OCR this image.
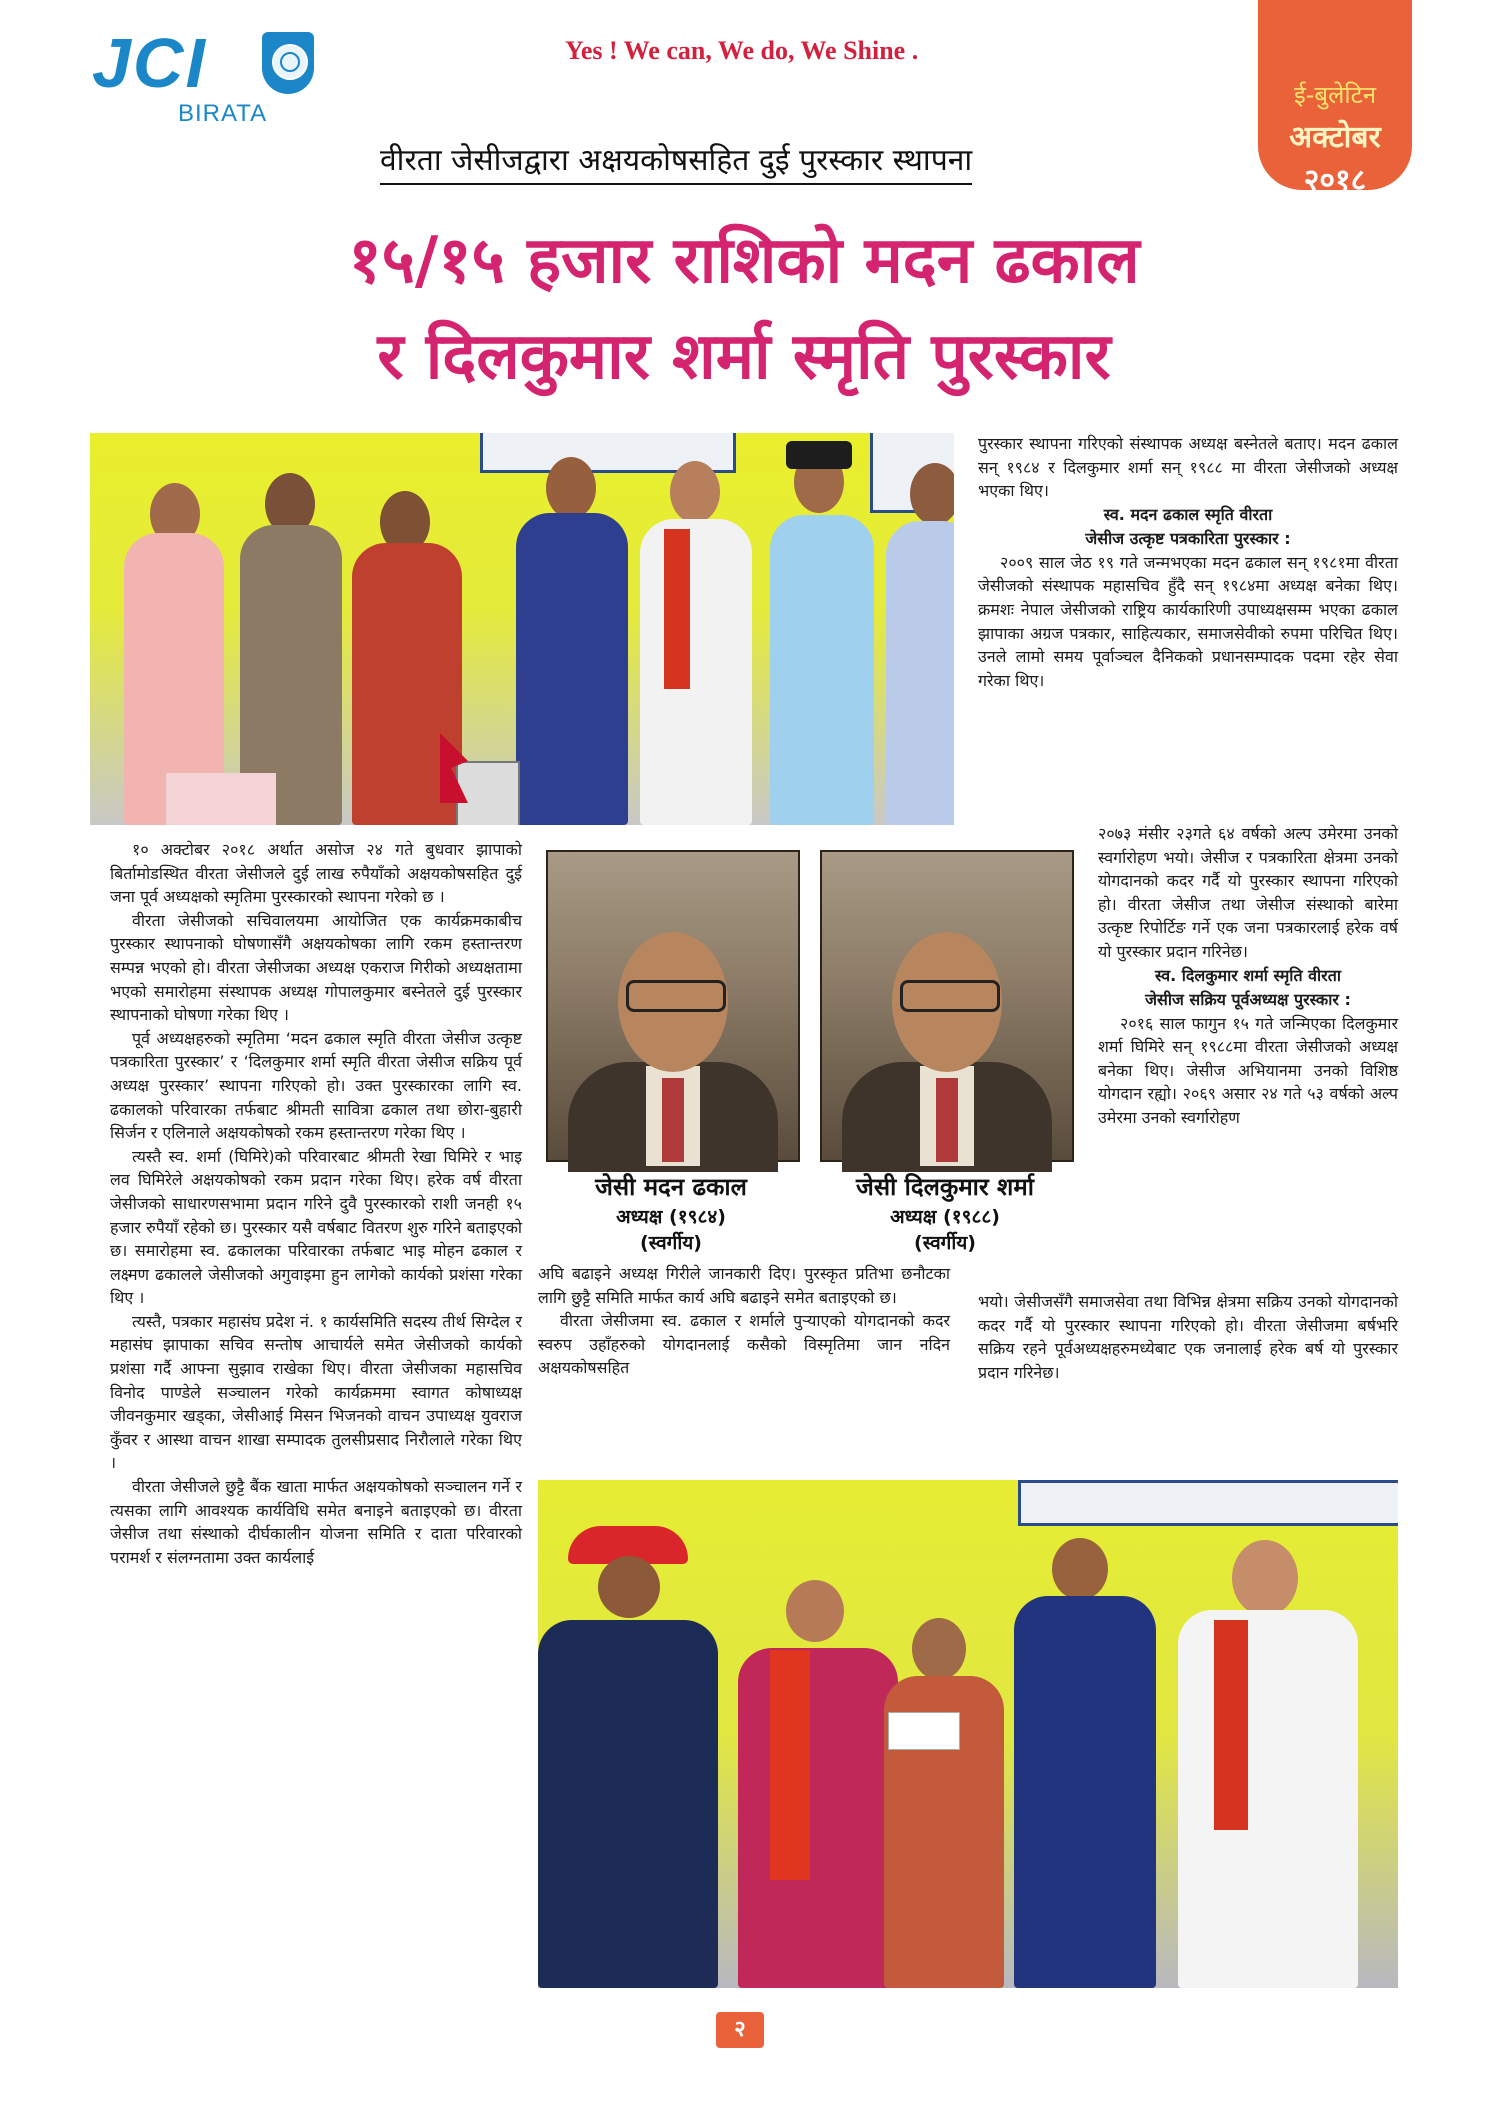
JCI
BIRATA
Yes ! We can, We do, We Shine .
ई-बुलेटिन
अक्टोबर
२०१८
वीरता जेसीजद्वारा अक्षयकोषसहित दुई पुरस्कार स्थापना
१५/१५ हजार राशिको मदन ढकाल
र दिलकुमार शर्मा स्मृति पुरस्कार
जेसी मदन ढकाल
अध्यक्ष (१९८४)
(स्वर्गीय)
जेसी दिलकुमार शर्मा
अध्यक्ष (१९८८)
(स्वर्गीय)

१० अक्टोबर २०१८ अर्थात असोज २४ गते बुधवार झापाको बिर्तामोडस्थित वीरता जेसीजले दुई लाख रुपैयाँको अक्षयकोषसहित दुई जना पूर्व अध्यक्षको स्मृतिमा पुरस्कारको स्थापना गरेको छ ।

वीरता जेसीजको सचिवालयमा आयोजित एक कार्यक्रमकाबीच पुरस्कार स्थापनाको घोषणासँगै अक्षयकोषका लागि रकम हस्तान्तरण सम्पन्न भएको हो। वीरता जेसीजका अध्यक्ष एकराज गिरीको अध्यक्षतामा भएको समारोहमा संस्थापक अध्यक्ष गोपालकुमार बस्नेतले दुई पुरस्कार स्थापनाको घोषणा गरेका थिए ।

पूर्व अध्यक्षहरुको स्मृतिमा ‘मदन ढकाल स्मृति वीरता जेसीज उत्कृष्ट पत्रकारिता पुरस्कार’ र ‘दिलकुमार शर्मा स्मृति वीरता जेसीज सक्रिय पूर्व अध्यक्ष पुरस्कार’ स्थापना गरिएको हो। उक्त पुरस्कारका लागि स्व. ढकालको परिवारका तर्फबाट श्रीमती सावित्रा ढकाल तथा छोरा-बुहारी सिर्जन र एलिनाले अक्षयकोषको रकम हस्तान्तरण गरेका थिए ।

त्यस्तै स्व. शर्मा (घिमिरे)को परिवारबाट श्रीमती रेखा घिमिरे र भाइ लव घिमिरेले अक्षयकोषको रकम प्रदान गरेका थिए। हरेक वर्ष वीरता जेसीजको साधारणसभामा प्रदान गरिने दुवै पुरस्कारको राशी जनही १५ हजार रुपैयाँ रहेको छ। पुरस्कार यसै वर्षबाट वितरण शुरु गरिने बताइएको छ। समारोहमा स्व. ढकालका परिवारका तर्फबाट भाइ मोहन ढकाल र लक्ष्मण ढकालले जेसीजको अगुवाइमा हुन लागेको कार्यको प्रशंसा गरेका थिए ।

त्यस्तै, पत्रकार महासंघ प्रदेश नं. १ कार्यसमिति सदस्य तीर्थ सिग्देल र महासंघ झापाका सचिव सन्तोष आचार्यले समेत जेसीजको कार्यको प्रशंसा गर्दै आफ्ना सुझाव राखेका थिए। वीरता जेसीजका महासचिव विनोद पाण्डेले सञ्चालन गरेको कार्यक्रममा स्वागत कोषाध्यक्ष जीवनकुमार खड्का, जेसीआई मिसन भिजनको वाचन उपाध्यक्ष युवराज कुँवर र आस्था वाचन शाखा सम्पादक तुलसीप्रसाद निरौलाले गरेका थिए ।

वीरता जेसीजले छुट्टै बैंक खाता मार्फत अक्षयकोषको सञ्चालन गर्ने र त्यसका लागि आवश्यक कार्यविधि समेत बनाइने बताइएको छ। वीरता जेसीज तथा संस्थाको दीर्घकालीन योजना समिति र दाता परिवारको परामर्श र संलग्नतामा उक्त कार्यलाई

अघि बढाइने अध्यक्ष गिरीले जानकारी दिए। पुरस्कृत प्रतिभा छनौटका लागि छुट्टै समिति मार्फत कार्य अघि बढाइने समेत बताइएको छ।

वीरता जेसीजमा स्व. ढकाल र शर्माले पुऱ्याएको योगदानको कदर स्वरुप उहाँहरुको योगदानलाई कसैको विस्मृतिमा जान नदिन अक्षयकोषसहित

पुरस्कार स्थापना गरिएको संस्थापक अध्यक्ष बस्नेतले बताए। मदन ढकाल सन् १९८४ र दिलकुमार शर्मा सन् १९८८ मा वीरता जेसीजको अध्यक्ष भएका थिए।

स्व. मदन ढकाल स्मृति वीरता
जेसीज उत्कृष्ट पत्रकारिता पुरस्कार :

२००९ साल जेठ १९ गते जन्मभएका मदन ढकाल सन् १९८१मा वीरता जेसीजको संस्थापक महासचिव हुँदै सन् १९८४मा अध्यक्ष बनेका थिए। क्रमशः नेपाल जेसीजको राष्ट्रिय कार्यकारिणी उपाध्यक्षसम्म भएका ढकाल झापाका अग्रज पत्रकार, साहित्यकार, समाजसेवीको रुपमा परिचित थिए। उनले लामो समय पूर्वाञ्चल दैनिकको प्रधानसम्पादक पदमा रहेर सेवा गरेका थिए।

२०७३ मंसीर २३गते ६४ वर्षको अल्प उमेरमा उनको स्वर्गारोहण भयो। जेसीज र पत्रकारिता क्षेत्रमा उनको योगदानको कदर गर्दै यो पुरस्कार स्थापना गरिएको हो। वीरता जेसीज तथा जेसीज संस्थाको बारेमा उत्कृष्ट रिपोर्टिङ गर्ने एक जना पत्रकारलाई हरेक वर्ष यो पुरस्कार प्रदान गरिनेछ।

स्व. दिलकुमार शर्मा स्मृति वीरता
जेसीज सक्रिय पूर्वअध्यक्ष पुरस्कार :

२०१६ साल फागुन १५ गते जन्मिएका दिलकुमार शर्मा घिमिरे सन् १९८८मा वीरता जेसीजको अध्यक्ष बनेका थिए। जेसीज अभियानमा उनको विशिष्ठ योगदान रह्यो। २०६९ असार २४ गते ५३ वर्षको अल्प उमेरमा उनको स्वर्गारोहण

भयो। जेसीजसँगै समाजसेवा तथा विभिन्न क्षेत्रमा सक्रिय उनको योगदानको कदर गर्दै यो पुरस्कार स्थापना गरिएको हो। वीरता जेसीजमा बर्षभरि सक्रिय रहने पूर्वअध्यक्षहरुमध्येबाट एक जनालाई हरेक बर्ष यो पुरस्कार प्रदान गरिनेछ।

२
